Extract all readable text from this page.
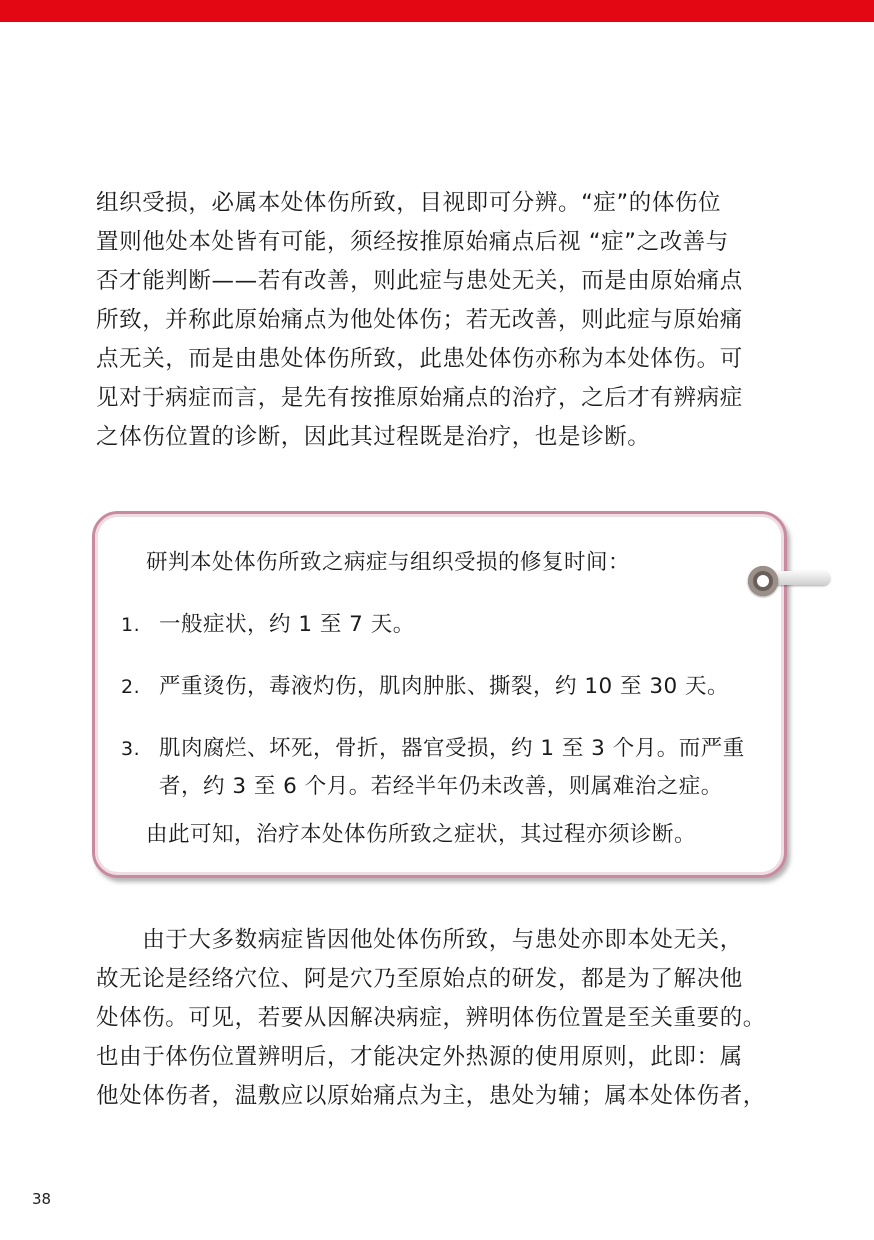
组织受损，必属本处体伤所致，目视即可分辨。“症”的体伤位

置则他处本处皆有可能，须经按推原始痛点后视 “症”之改善与

否才能判断——若有改善，则此症与患处无关，而是由原始痛点

所致，并称此原始痛点为他处体伤；若无改善，则此症与原始痛

点无关，而是由患处体伤所致，此患处体伤亦称为本处体伤。可

见对于病症而言，是先有按推原始痛点的治疗，之后才有辨病症

之体伤位置的诊断，因此其过程既是治疗，也是诊断。

研判本处体伤所致之病症与组织受损的修复时间：

1. 一般症状，约 1 至 7 天。
2. 严重烫伤，毒液灼伤，肌肉肿胀、撕裂，约 10 至 30 天。
3. 肌肉腐烂、坏死，骨折，器官受损，约 1 至 3 个月。而严重
者，约 3 至 6 个月。若经半年仍未改善，则属难治之症。

由此可知，治疗本处体伤所致之症状，其过程亦须诊断。

　　由于大多数病症皆因他处体伤所致，与患处亦即本处无关，

故无论是经络穴位、阿是穴乃至原始点的研发，都是为了解决他

处体伤。可见，若要从因解决病症，辨明体伤位置是至关重要的。

也由于体伤位置辨明后，才能决定外热源的使用原则，此即：属

他处体伤者，温敷应以原始痛点为主，患处为辅；属本处体伤者，

38
